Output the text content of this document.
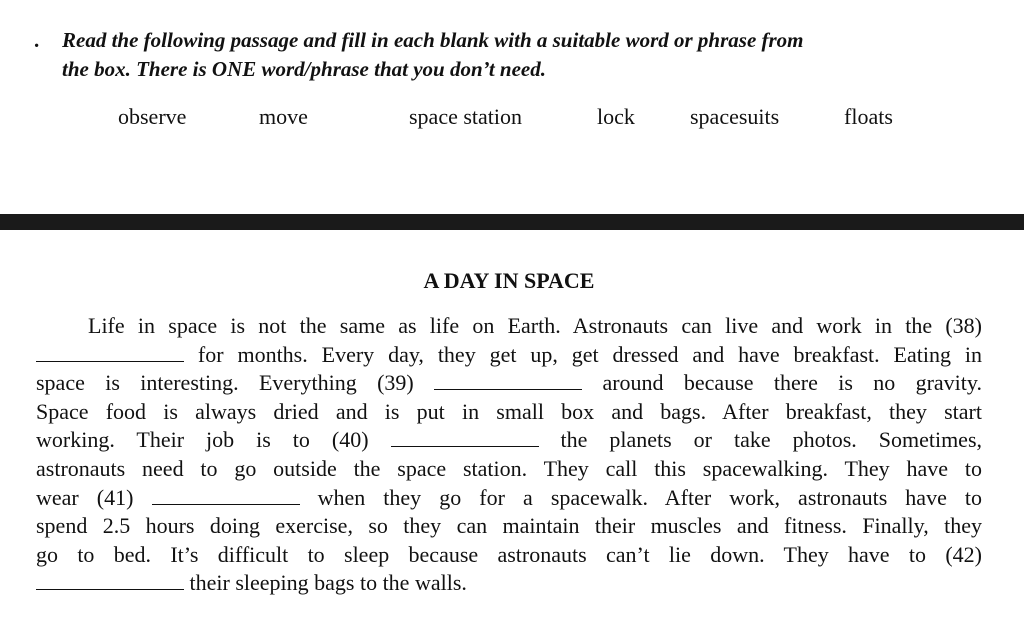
.	Read the following passage and fill in each blank with a suitable word or phrase from
the box. There is ONE word/phrase that you don’t need.
observe	move	space station	lock	spacesuits	floats
A DAY IN SPACE
Life in space is not the same as life on Earth. Astronauts can live and work in the (38)
for months. Every day, they get up, get dressed and have breakfast. Eating in
space is interesting. Everything (39)	around because there is no gravity.
Space food is always dried and is put in small box and bags. After breakfast, they start
working. Their job is to (40)	the planets or take photos. Sometimes,
astronauts need to go outside the space station. They call this spacewalking. They have to
wear (41)	when they go for a spacewalk. After work, astronauts have to
spend 2.5 hours doing exercise, so they can maintain their muscles and fitness. Finally, they
go to bed. It’s difficult to sleep because astronauts can’t lie down. They have to (42)
their sleeping bags to the walls.
